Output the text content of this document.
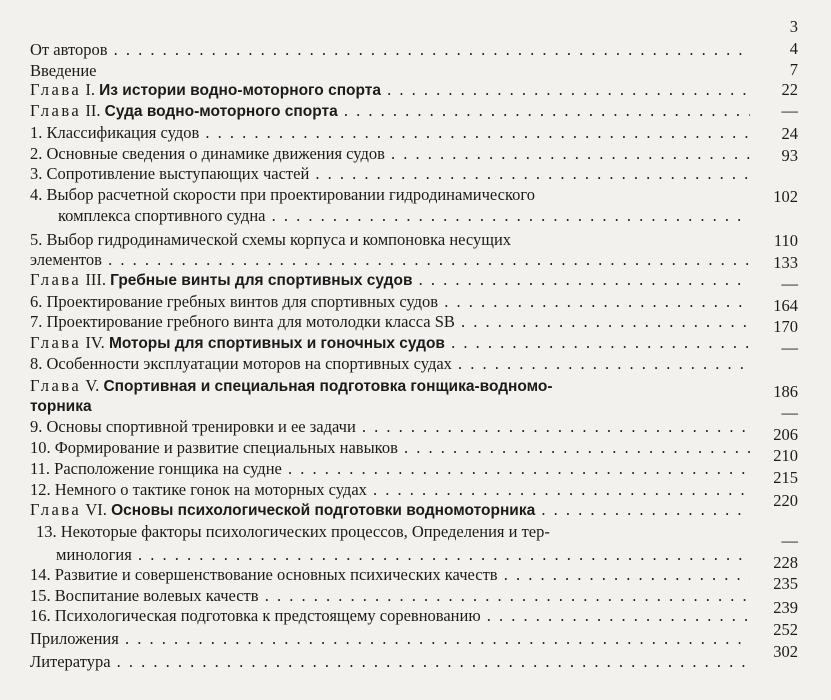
3
4
7
22
—
24
93
102
110
133
—
164
170
—
186
—
206
210
215
220
—
228
235
239
252
302
От авторов . . .
Введение
Глава I. Из истории водно-моторного спорта . . .
Глава II. Суда водно-моторного спорта . . .
1. Классификация судов . . .
2. Основные сведения о динамике движения судов . . .
3. Сопротивление выступающих частей . . .
4. Выбор расчетной скорости при проектировании гидродинамического
комплекса спортивного судна . . .
5. Выбор гидродинамической схемы корпуса и компоновка несущих
элементов . . .
Глава III. Гребные винты для спортивных судов . . .
6. Проектирование гребных винтов для спортивных судов . . .
7. Проектирование гребного винта для мотолодки класса SB . . .
Глава IV. Моторы для спортивных и гоночных судов . . .
8. Особенности эксплуатации моторов на спортивных судах . . .
Глава V. Спортивная и специальная подготовка гонщика-водномо-
торника
9. Основы спортивной тренировки и ее задачи . . .
10. Формирование и развитие специальных навыков . . .
11. Расположение гонщика на судне . . .
12. Немного о тактике гонок на моторных судах . . .
Глава VI. Основы психологической подготовки водномоторника . . .
13. Некоторые факторы психологических процессов, Определения и тер-
минология . . .
14. Развитие и совершенствование основных психических качеств . . .
15. Воспитание волевых качеств . . .
16. Психологическая подготовка к предстоящему соревнованию . . .
Приложения . . .
Литература . . .
